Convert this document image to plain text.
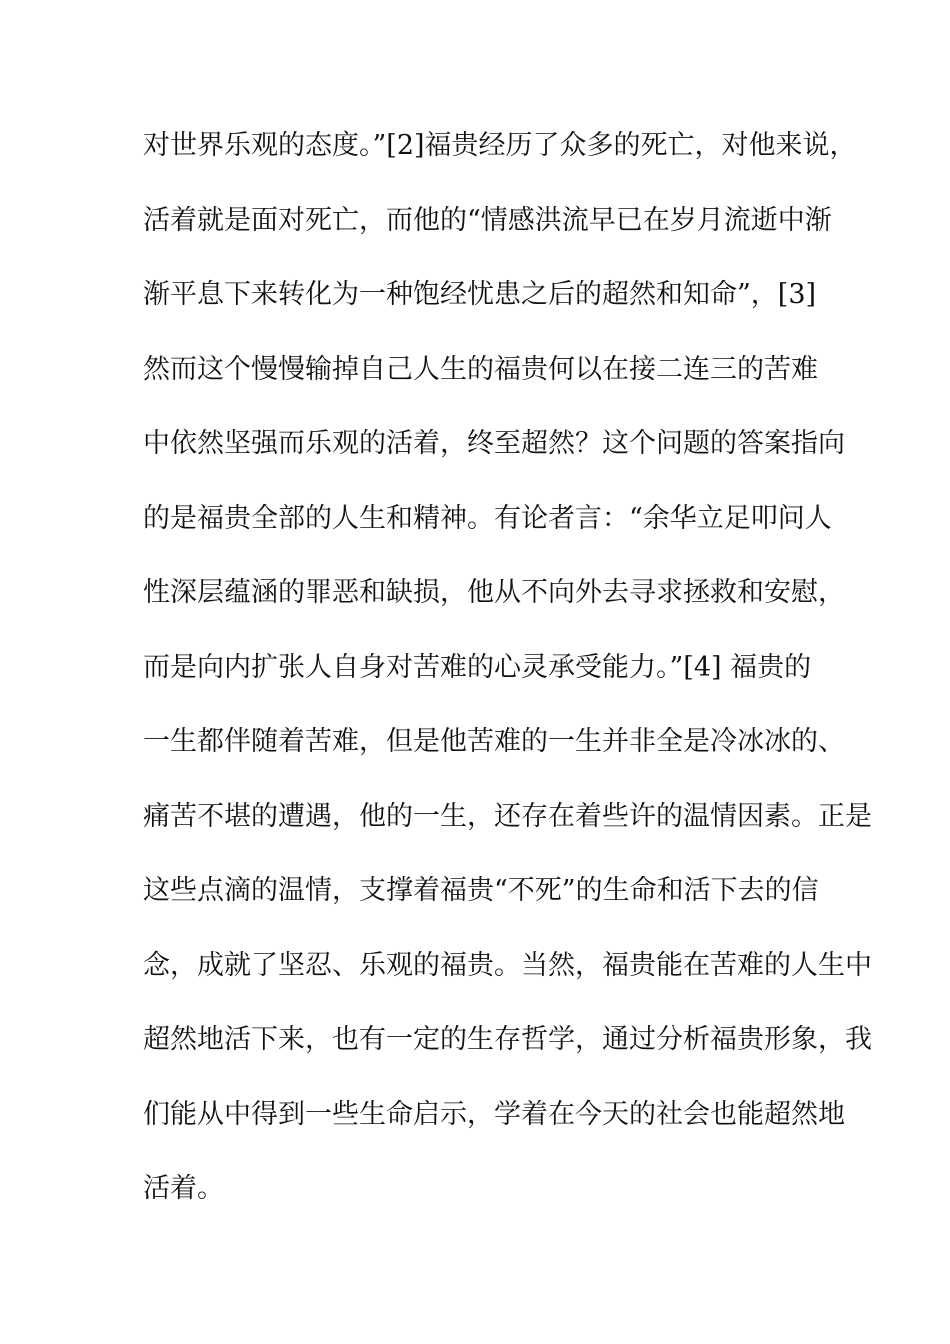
对世界乐观的态度。”[2]福贵经历了众多的死亡，对他来说，
活着就是面对死亡，而他的“情感洪流早已在岁月流逝中渐
渐平息下来转化为一种饱经忧患之后的超然和知命”，[3]
然而这个慢慢输掉自己人生的福贵何以在接二连三的苦难
中依然坚强而乐观的活着，终至超然？这个问题的答案指向
的是福贵全部的人生和精神。有论者言：“余华立足叩问人
性深层蕴涵的罪恶和缺损，他从不向外去寻求拯救和安慰，
而是向内扩张人自身对苦难的心灵承受能力。”[4] 福贵的
一生都伴随着苦难，但是他苦难的一生并非全是冷冰冰的、
痛苦不堪的遭遇，他的一生，还存在着些许的温情因素。正是
这些点滴的温情，支撑着福贵“不死”的生命和活下去的信
念，成就了坚忍、乐观的福贵。当然，福贵能在苦难的人生中
超然地活下来，也有一定的生存哲学，通过分析福贵形象，我
们能从中得到一些生命启示，学着在今天的社会也能超然地
活着。
